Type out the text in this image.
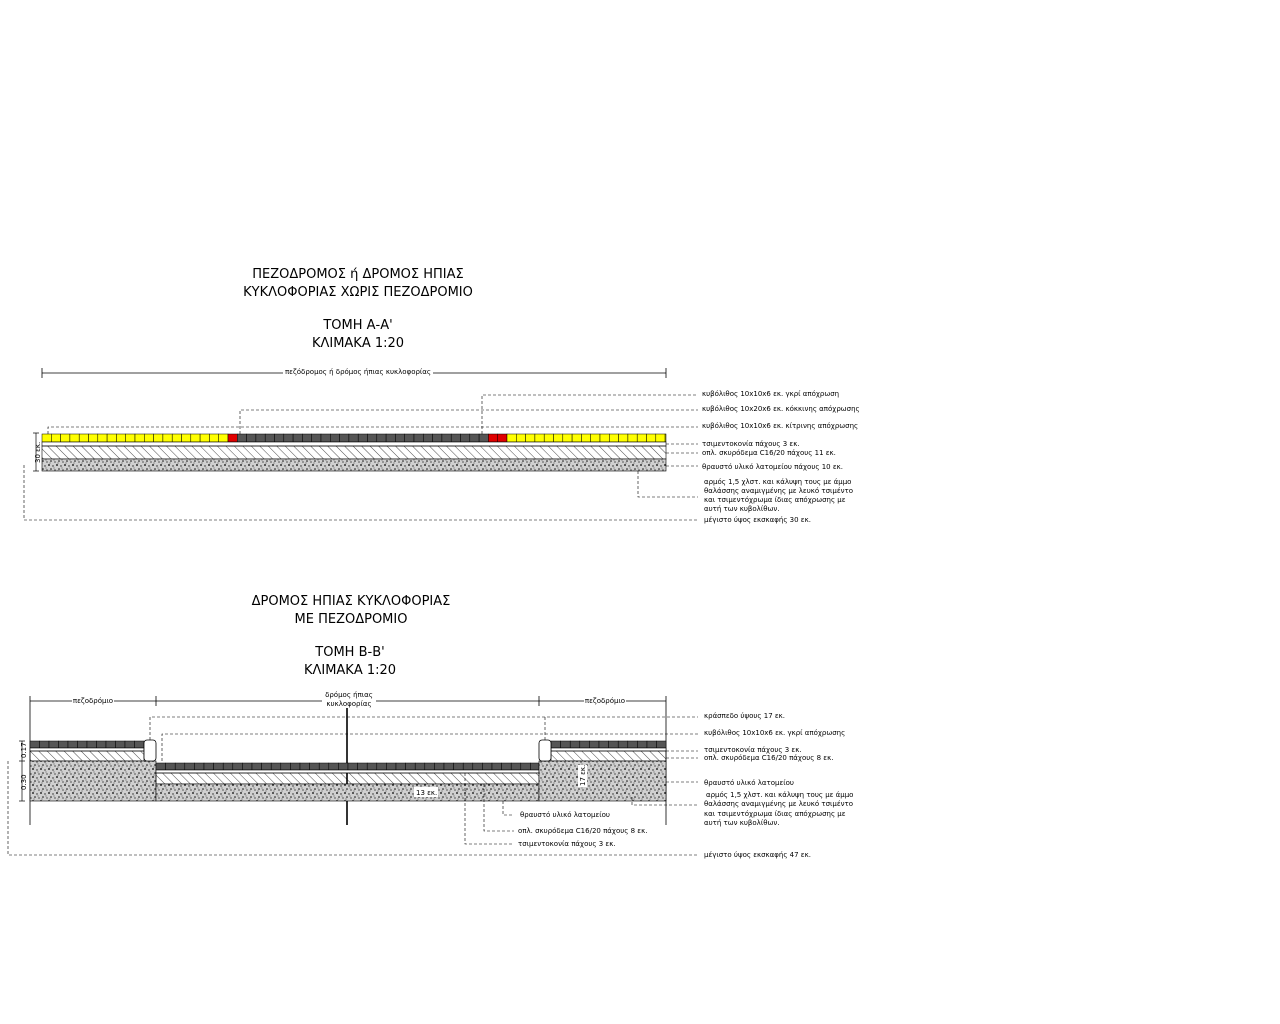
ΠΕΖΟΔΡΟΜΟΣ ή ΔΡΟΜΟΣ ΗΠΙΑΣ
ΚΥΚΛΟΦΟΡΙΑΣ ΧΩΡΙΣ ΠΕΖΟΔΡΟΜΙΟ
ΤΟΜΗ Α-Α'
ΚΛΙΜΑΚΑ 1:20
ΔΡΟΜΟΣ ΗΠΙΑΣ ΚΥΚΛΟΦΟΡΙΑΣ
ΜΕ ΠΕΖΟΔΡΟΜΙΟ
ΤΟΜΗ Β-Β'
ΚΛΙΜΑΚΑ 1:20
πεζόδρομος ή δρόμος ήπιας κυκλοφορίας
30 εκ.
κυβόλιθος 10x10x6 εκ. γκρί απόχρωση
κυβόλιθος 10x20x6 εκ. κόκκινης απόχρωσης
κυβόλιθος 10x10x6 εκ. κίτρινης απόχρωσης
τσιμεντοκονία πάχους 3 εκ.
οπλ. σκυρόδεμα C16/20 πάχους 11 εκ.
θραυστό υλικό λατομείου πάχους 10 εκ.
αρμός 1,5 χλστ. και κάλυψη τους με άμμο
θαλάσσης αναμιγμένης με λευκό τσιμέντο
και τσιμεντόχρωμα ίδιας απόχρωσης με
αυτή των κυβολίθων.
μέγιστο ύψος εκσκαφής 30 εκ.
πεζοδρόμιο	πεζοδρόμιο
δρόμος ήπιας
κυκλοφορίας
13 εκ.
17 εκ.
0.17
0.30
κράσπεδο ύψους 17 εκ.
κυβόλιθος 10x10x6 εκ. γκρί απόχρωσης
τσιμεντοκονία πάχους 3 εκ.
οπλ. σκυρόδεμα C16/20 πάχους 8 εκ.
θραυστό υλικό λατομείου
αρμός 1,5 χλστ. και κάλυψη τους με άμμο
θαλάσσης αναμιγμένης με λευκό τσιμέντο
και τσιμεντόχρωμα ίδιας απόχρωσης με
αυτή των κυβολίθων.
θραυστό υλικό λατομείου
οπλ. σκυρόδεμα C16/20 πάχους 8 εκ.
τσιμεντοκονία πάχους 3 εκ.
μέγιστο ύψος εκσκαφής 47 εκ.
